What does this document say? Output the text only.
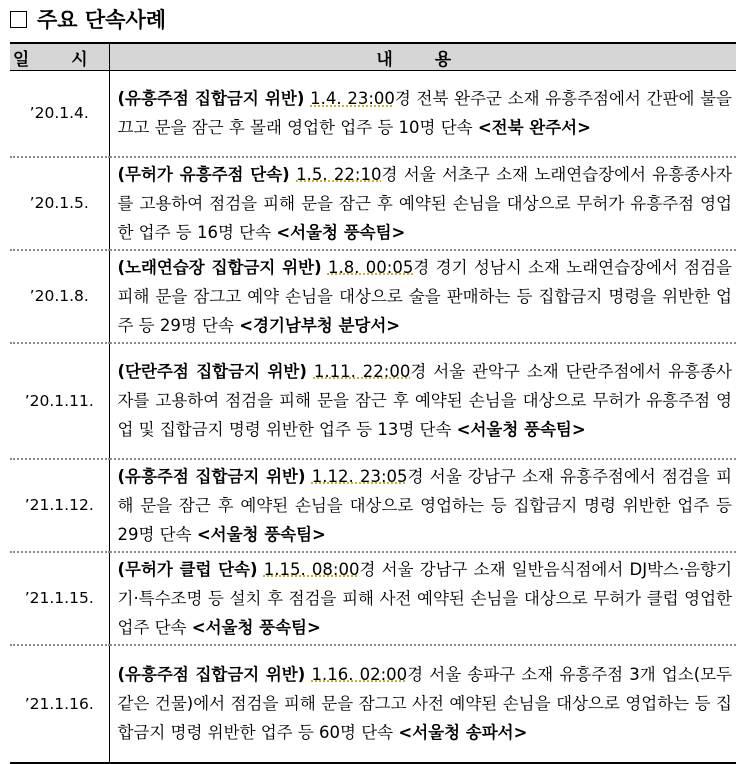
주요 단속사례
일 시	내 용
’20.1.4.	(유흥주점 집합금지 위반) 1.4. 23:00경 전북 완주군 소재 유흥주점에서 간판에 불을 끄고 문을 잠근 후 몰래 영업한 업주 등 10명 단속 <전북 완주서>
’20.1.5.	(무허가 유흥주점 단속) 1.5. 22:10경 서울 서초구 소재 노래연습장에서 유흥종사자를 고용하여 점검을 피해 문을 잠근 후 예약된 손님을 대상으로 무허가 유흥주점 영업한 업주 등 16명 단속 <서울청 풍속팀>
’20.1.8.	(노래연습장 집합금지 위반) 1.8. 00:05경 경기 성남시 소재 노래연습장에서 점검을 피해 문을 잠그고 예약 손님을 대상으로 술을 판매하는 등 집합금지 명령을 위반한 업주 등 29명 단속 <경기남부청 분당서>
’20.1.11.	(단란주점 집합금지 위반) 1.11. 22:00경 서울 관악구 소재 단란주점에서 유흥종사자를 고용하여 점검을 피해 문을 잠근 후 예약된 손님을 대상으로 무허가 유흥주점 영업 및 집합금지 명령 위반한 업주 등 13명 단속 <서울청 풍속팀>
’21.1.12.	(유흥주점 집합금지 위반) 1.12. 23:05경 서울 강남구 소재 유흥주점에서 점검을 피해 문을 잠근 후 예약된 손님을 대상으로 영업하는 등 집합금지 명령 위반한 업주 등 29명 단속 <서울청 풍속팀>
’21.1.15.	(무허가 클럽 단속) 1.15. 08:00경 서울 강남구 소재 일반음식점에서 DJ박스·음향기기·특수조명 등 설치 후 점검을 피해 사전 예약된 손님을 대상으로 무허가 클럽 영업한 업주 단속 <서울청 풍속팀>
’21.1.16.	(유흥주점 집합금지 위반) 1.16. 02:00경 서울 송파구 소재 유흥주점 3개 업소(모두 같은 건물)에서 점검을 피해 문을 잠그고 사전 예약된 손님을 대상으로 영업하는 등 집합금지 명령 위반한 업주 등 60명 단속 <서울청 송파서>
